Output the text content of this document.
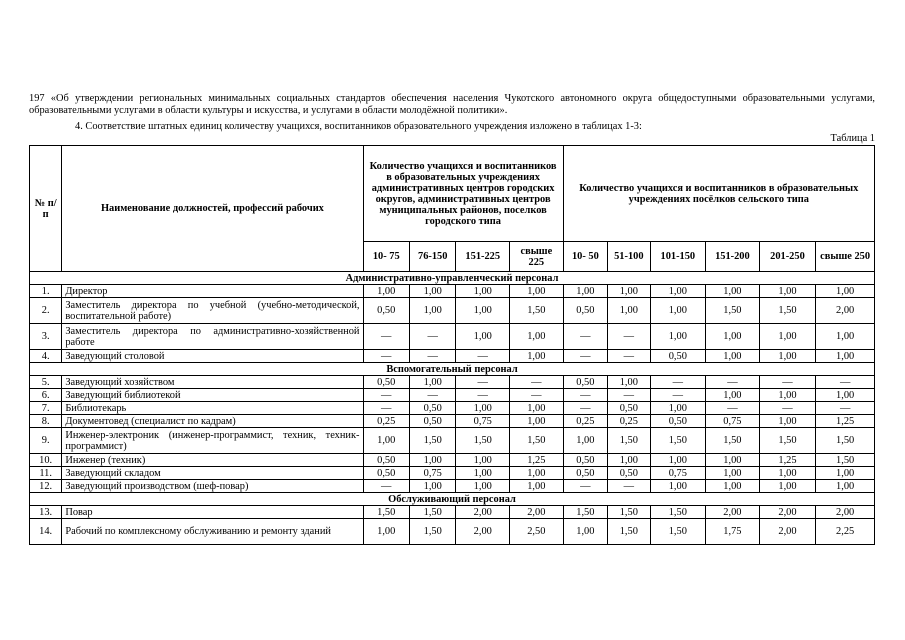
197 «Об утверждении региональных минимальных социальных стандартов обеспечения населения Чукотского автономного округа общедоступными образовательными услугами, образовательными услугами в области культуры и искусства, и услугами в области молодёжной политики».
4. Соответствие штатных единиц количеству учащихся, воспитанников образовательного учреждения изложено в таблицах 1-3:
Таблица 1
№ п/п	Наименование должностей, профессий рабочих	Количество учащихся и воспитанников в образовательных учреждениях административных центров городских округов, административных центров муниципальных районов, поселков городского типа				Количество учащихся и воспитанников в образовательных учреждениях посёлков сельского типа					
		10- 75	76-150	151-225	свыше 225	10- 50	51-100	101-150	151-200	201-250	свыше 250
Административно-управленческий персонал											
1.	Директор	1,00	1,00	1,00	1,00	1,00	1,00	1,00	1,00	1,00	1,00
2.	Заместитель директора по учебной (учебно-методической, воспитательной работе)	0,50	1,00	1,00	1,50	0,50	1,00	1,00	1,50	1,50	2,00
3.	Заместитель директора по административно-хозяйственной работе	—	—	1,00	1,00	—	—	1,00	1,00	1,00	1,00
4.	Заведующий столовой	—	—	—	1,00	—	—	0,50	1,00	1,00	1,00
Вспомогательный персонал											
5.	Заведующий хозяйством	0,50	1,00	—	—	0,50	1,00	—	—	—	—
6.	Заведующий библиотекой	—	—	—	—	—	—	—	1,00	1,00	1,00
7.	Библиотекарь	—	0,50	1,00	1,00	—	0,50	1,00	—	—	—
8.	Документовед (специалист по кадрам)	0,25	0,50	0,75	1,00	0,25	0,25	0,50	0,75	1,00	1,25
9.	Инженер-электроник (инженер-программист, техник, техник-программист)	1,00	1,50	1,50	1,50	1,00	1,50	1,50	1,50	1,50	1,50
10.	Инженер (техник)	0,50	1,00	1,00	1,25	0,50	1,00	1,00	1,00	1,25	1,50
11.	Заведующий складом	0,50	0,75	1,00	1,00	0,50	0,50	0,75	1,00	1,00	1,00
12.	Заведующий производством (шеф-повар)	—	1,00	1,00	1,00	—	—	1,00	1,00	1,00	1,00
Обслуживающий персонал											
13.	Повар	1,50	1,50	2,00	2,00	1,50	1,50	1,50	2,00	2,00	2,00
14.	Рабочий по комплексному обслуживанию и ремонту зданий	1,00	1,50	2,00	2,50	1,00	1,50	1,50	1,75	2,00	2,25
